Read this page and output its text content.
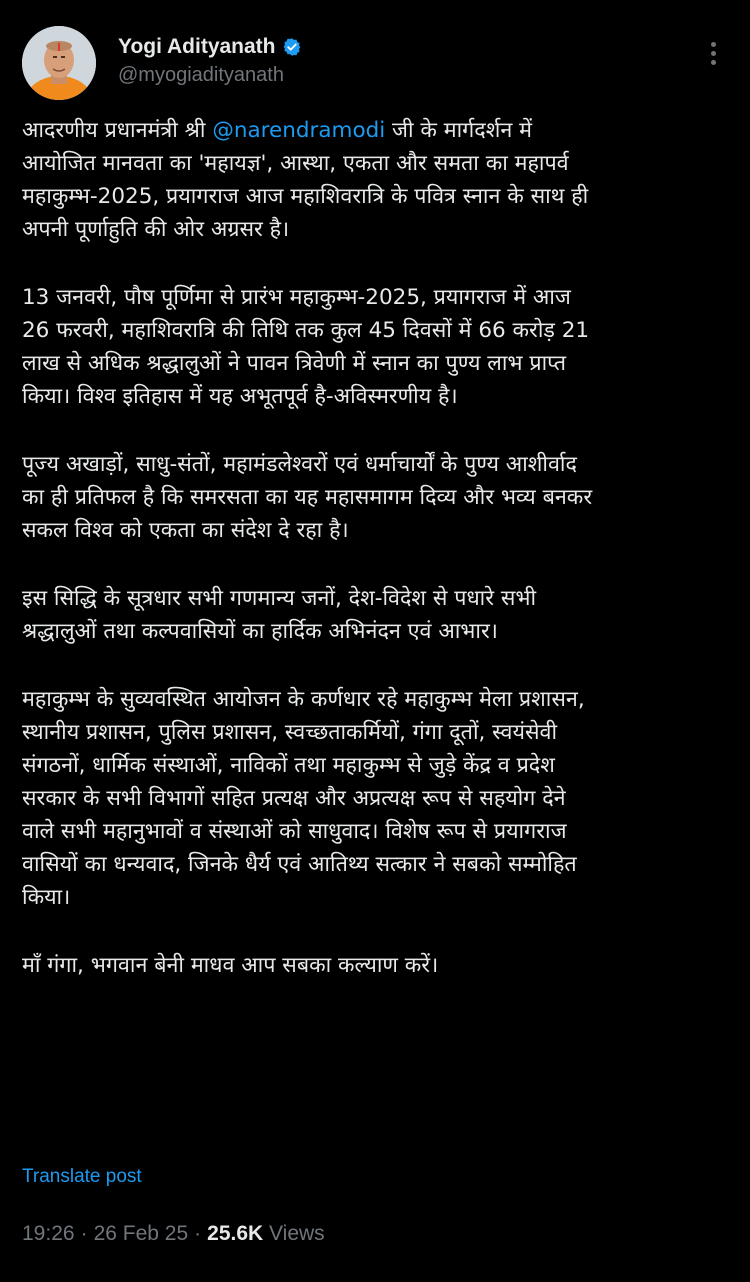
Yogi Adityanath
@myogiadityanath

आदरणीय प्रधानमंत्री श्री @narendramodi जी के मार्गदर्शन में
आयोजित मानवता का 'महायज्ञ', आस्था, एकता और समता का महापर्व
महाकुम्भ-2025, प्रयागराज आज महाशिवरात्रि के पवित्र स्नान के साथ ही
अपनी पूर्णाहुति की ओर अग्रसर है।

13 जनवरी, पौष पूर्णिमा से प्रारंभ महाकुम्भ-2025, प्रयागराज में आज
26 फरवरी, महाशिवरात्रि की तिथि तक कुल 45 दिवसों में 66 करोड़ 21
लाख से अधिक श्रद्धालुओं ने पावन त्रिवेणी में स्नान का पुण्य लाभ प्राप्त
किया। विश्व इतिहास में यह अभूतपूर्व है-अविस्मरणीय है।

पूज्य अखाड़ों, साधु-संतों, महामंडलेश्वरों एवं धर्माचार्यों के पुण्य आशीर्वाद
का ही प्रतिफल है कि समरसता का यह महासमागम दिव्य और भव्य बनकर
सकल विश्व को एकता का संदेश दे रहा है।

इस सिद्धि के सूत्रधार सभी गणमान्य जनों, देश-विदेश से पधारे सभी
श्रद्धालुओं तथा कल्पवासियों का हार्दिक अभिनंदन एवं आभार।

महाकुम्भ के सुव्यवस्थित आयोजन के कर्णधार रहे महाकुम्भ मेला प्रशासन,
स्थानीय प्रशासन, पुलिस प्रशासन, स्वच्छताकर्मियों, गंगा दूतों, स्वयंसेवी
संगठनों, धार्मिक संस्थाओं, नाविकों तथा महाकुम्भ से जुड़े केंद्र व प्रदेश
सरकार के सभी विभागों सहित प्रत्यक्ष और अप्रत्यक्ष रूप से सहयोग देने
वाले सभी महानुभावों व संस्थाओं को साधुवाद। विशेष रूप से प्रयागराज
वासियों का धन्यवाद, जिनके धैर्य एवं आतिथ्य सत्कार ने सबको सम्मोहित
किया।

माँ गंगा, भगवान बेनी माधव आप सबका कल्याण करें।

Translate post
19:26 · 26 Feb 25 · 25.6K Views
